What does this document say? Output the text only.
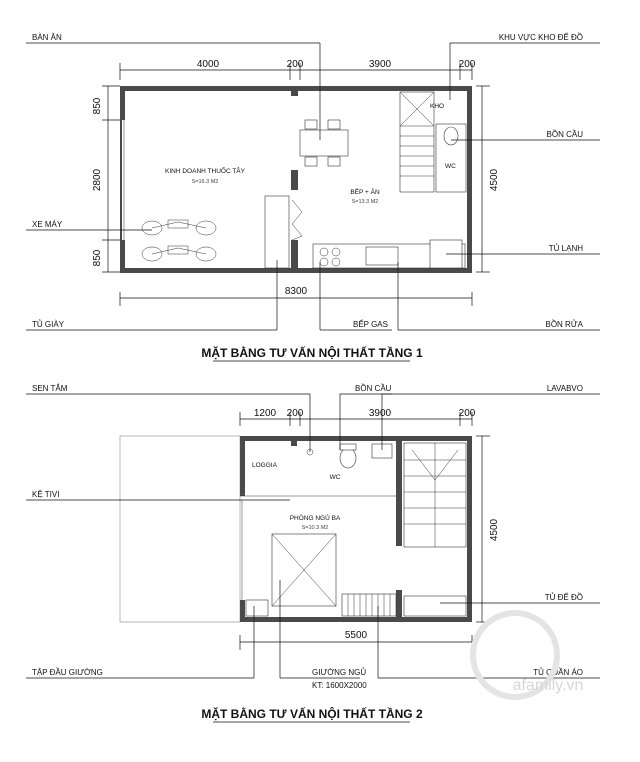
4000	200	3900	200
850
2800
850
4500
8300
KHO
WC
KINH DOANH THUỐC TÂY
S=16.3 M2
BẾP + ĂN
S=13.3 M2
BÀN ĂN	KHU VỰC KHO ĐỂ ĐỒ
BỒN CẦU
XE MÁY
TỦ LẠNH
TỦ GIÀY	BẾP GAS	BỒN RỬA
MẶT BẰNG TƯ VẤN NỘI THẤT TẦNG 1
1200 200	3900	200
4500
5500
WC
LOGGIA
PHÒNG NGỦ BA
S=10.3 M2
SEN TẮM	BỒN CẦU	LAVABVO
KỆ TIVI
TỦ ĐỂ ĐỒ
TẬP ĐẦU GIƯỜNG	GIƯỜNG NGỦ
KT: 1600X2000
TỦ QUẦN ÁO
MẶT BẰNG TƯ VẤN NỘI THẤT TẦNG 2
afamily.vn
